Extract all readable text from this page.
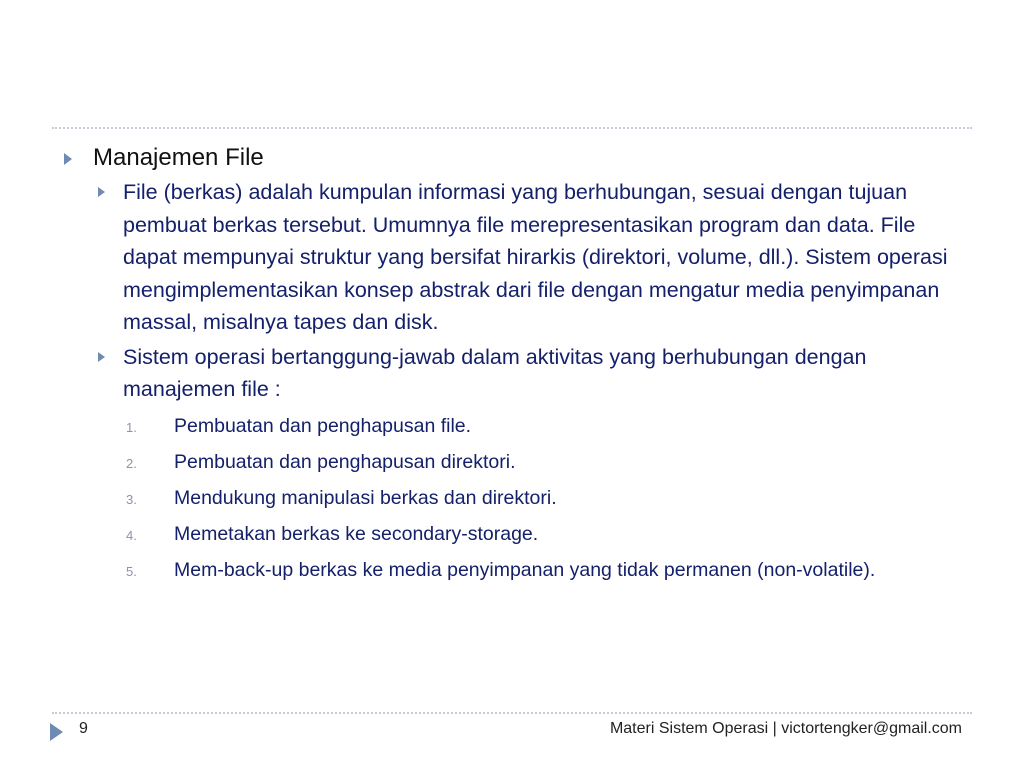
Manajemen File
File (berkas) adalah kumpulan informasi yang berhubungan, sesuai dengan tujuan pembuat berkas tersebut. Umumnya file merepresentasikan program dan data. File dapat mempunyai struktur yang bersifat hirarkis (direktori, volume, dll.). Sistem operasi mengimplementasikan konsep abstrak dari file dengan mengatur media penyimpanan massal, misalnya tapes dan disk.
Sistem operasi bertanggung-jawab dalam aktivitas yang berhubungan dengan manajemen file :
1. Pembuatan dan penghapusan file.
2. Pembuatan dan penghapusan direktori.
3. Mendukung manipulasi berkas dan direktori.
4. Memetakan berkas ke secondary-storage.
5. Mem-back-up berkas ke media penyimpanan yang tidak permanen (non-volatile).
9	Materi Sistem Operasi | victortengker@gmail.com
